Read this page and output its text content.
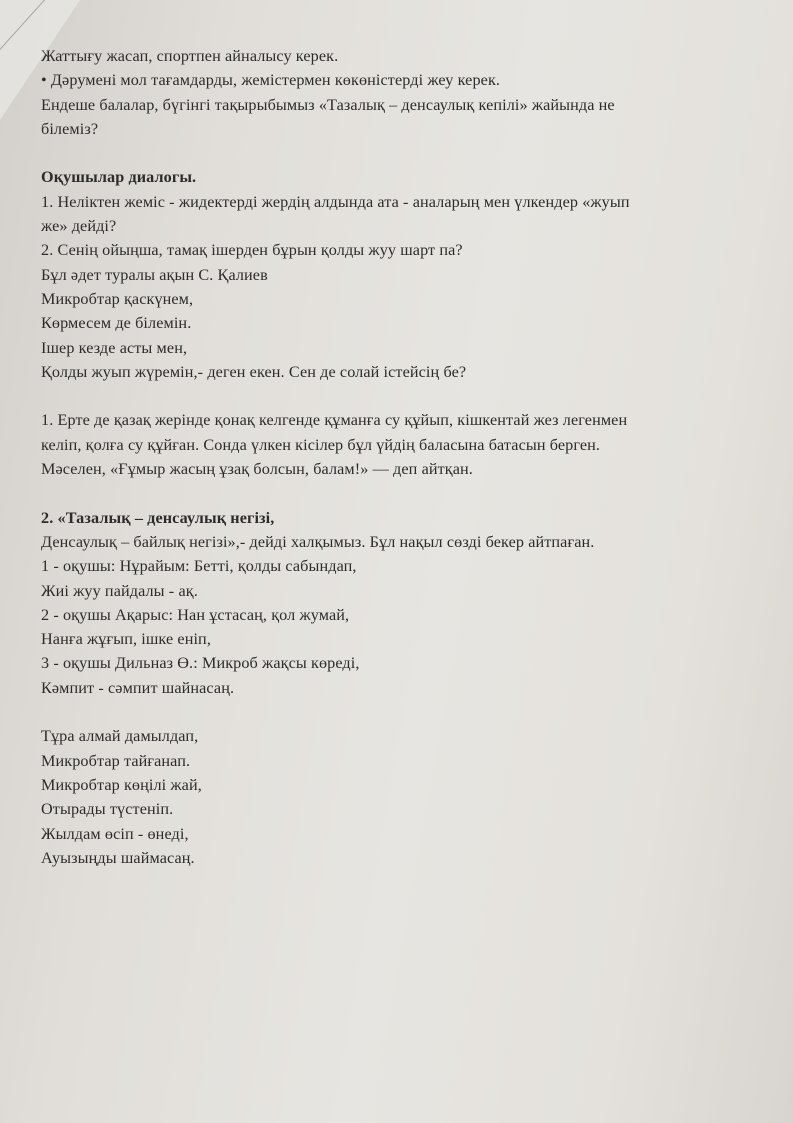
Жаттығу жасап, спортпен айналысу керек.
• Дәрумені мол тағамдарды, жемістермен көкөністерді жеу керек.
Ендеше балалар, бүгінгі тақырыбымыз «Тазалық – денсаулық кепілі» жайында не
білеміз?
Оқушылар диалогы.
1. Неліктен жеміс - жидектерді жердің алдында ата - аналарың мен үлкендер «жуып
же» дейді?
2. Сенің ойыңша, тамақ ішерден бұрын қолды жуу шарт па?
Бұл әдет туралы ақын С. Қалиев
Микробтар қаскүнем,
Көрмесем де білемін.
Ішер кезде асты мен,
Қолды жуып жүремін,- деген екен. Сен де солай істейсің бе?
1. Ерте де қазақ жерінде қонақ келгенде құманға су құйып, кішкентай жез легенмен
келіп, қолға су құйған. Сонда үлкен кісілер бұл үйдің баласына батасын берген.
Мәселен, «Ғұмыр жасың ұзақ болсын, балам!» — деп айтқан.
2. «Тазалық – денсаулық негізі,
Денсаулық – байлық негізі»,- дейді халқымыз. Бұл нақыл сөзді бекер айтпаған.
1 - оқушы: Нұрайым: Бетті, қолды сабындап,
Жиі жуу пайдалы - ақ.
2 - оқушы Ақарыс: Нан ұстасаң, қол жумай,
Нанға жұғып, ішке еніп,
3 - оқушы Дильназ Ө.: Микроб жақсы көреді,
Кәмпит - сәмпит шайнасаң.
Тұра алмай дамылдап,
Микробтар тайғанап.
Микробтар көңілі жай,
Отырады түстеніп.
Жылдам өсіп - өнеді,
Ауызыңды шаймасаң.
